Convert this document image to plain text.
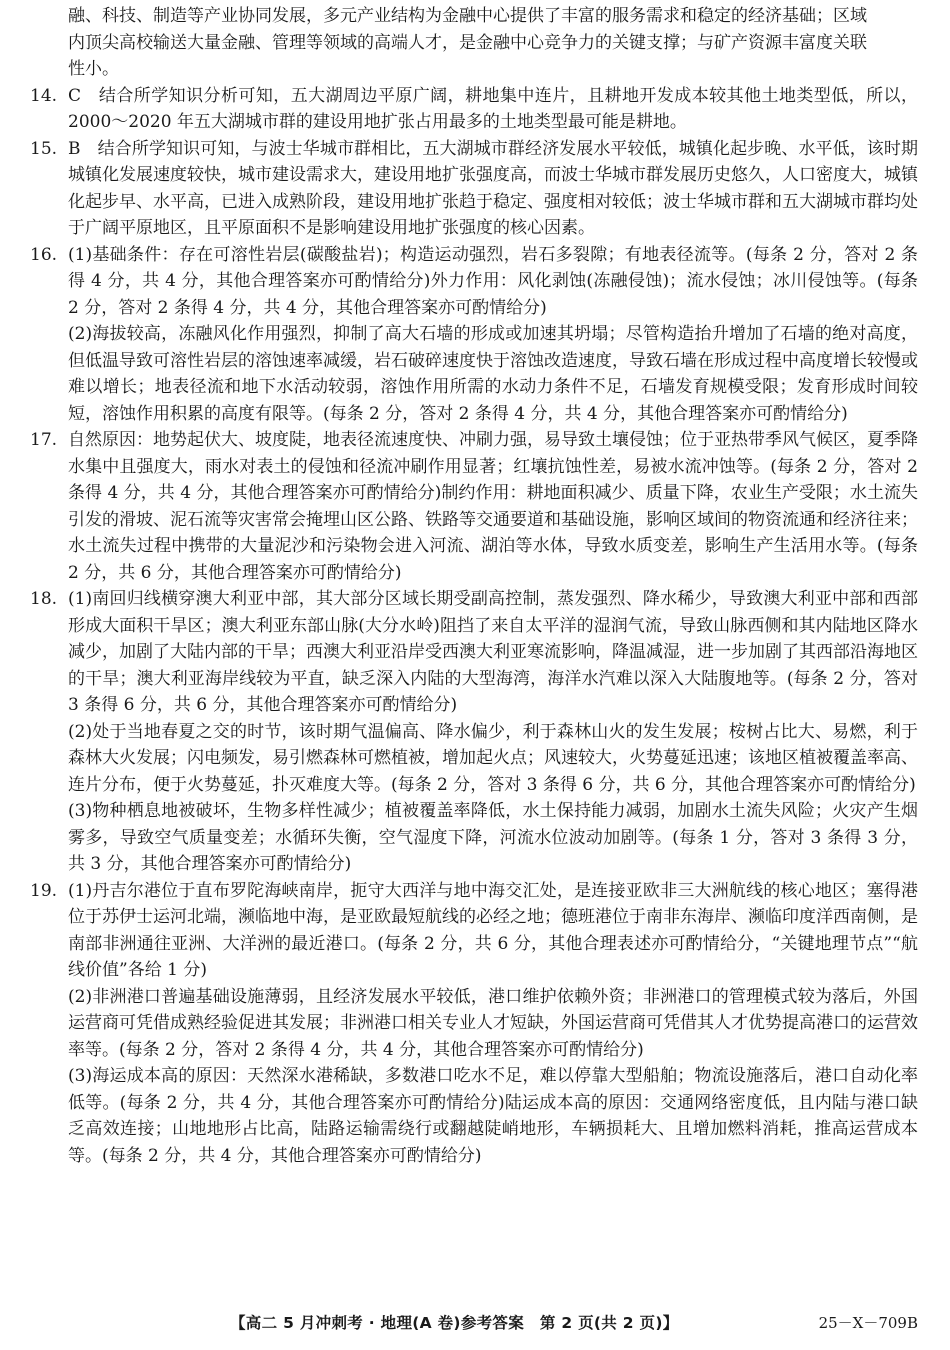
融、科技、制造等产业协同发展，多元产业结构为金融中心提供了丰富的服务需求和稳定的经济基础；区域

内顶尖高校输送大量金融、管理等领域的高端人才，是金融中心竞争力的关键支撑；与矿产资源丰富度关联

性小。

14. C　结合所学知识分析可知，五大湖周边平原广阔，耕地集中连片，且耕地开发成本较其他土地类型低，所以，2000～2020 年五大湖城市群的建设用地扩张占用最多的土地类型最可能是耕地。

15. B　结合所学知识可知，与波士华城市群相比，五大湖城市群经济发展水平较低，城镇化起步晚、水平低，该时期城镇化发展速度较快，城市建设需求大，建设用地扩张强度高，而波士华城市群发展历史悠久，人口密度大，城镇化起步早、水平高，已进入成熟阶段，建设用地扩张趋于稳定、强度相对较低；波士华城市群和五大湖城市群均处于广阔平原地区，且平原面积不是影响建设用地扩张强度的核心因素。

16. (1)基础条件：存在可溶性岩层(碳酸盐岩)；构造运动强烈，岩石多裂隙；有地表径流等。(每条 2 分，答对 2 条得 4 分，共 4 分，其他合理答案亦可酌情给分)外力作用：风化剥蚀(冻融侵蚀)；流水侵蚀；冰川侵蚀等。(每条 2 分，答对 2 条得 4 分，共 4 分，其他合理答案亦可酌情给分)

(2)海拔较高，冻融风化作用强烈，抑制了高大石墙的形成或加速其坍塌；尽管构造抬升增加了石墙的绝对高度，但低温导致可溶性岩层的溶蚀速率减缓，岩石破碎速度快于溶蚀改造速度，导致石墙在形成过程中高度增长较慢或难以增长；地表径流和地下水活动较弱，溶蚀作用所需的水动力条件不足，石墙发育规模受限；发育形成时间较短，溶蚀作用积累的高度有限等。(每条 2 分，答对 2 条得 4 分，共 4 分，其他合理答案亦可酌情给分)

17. 自然原因：地势起伏大、坡度陡，地表径流速度快、冲刷力强，易导致土壤侵蚀；位于亚热带季风气候区，夏季降水集中且强度大，雨水对表土的侵蚀和径流冲刷作用显著；红壤抗蚀性差，易被水流冲蚀等。(每条 2 分，答对 2 条得 4 分，共 4 分，其他合理答案亦可酌情给分)制约作用：耕地面积减少、质量下降，农业生产受限；水土流失引发的滑坡、泥石流等灾害常会掩埋山区公路、铁路等交通要道和基础设施，影响区域间的物资流通和经济往来；水土流失过程中携带的大量泥沙和污染物会进入河流、湖泊等水体，导致水质变差，影响生产生活用水等。(每条 2 分，共 6 分，其他合理答案亦可酌情给分)

18. (1)南回归线横穿澳大利亚中部，其大部分区域长期受副高控制，蒸发强烈、降水稀少，导致澳大利亚中部和西部形成大面积干旱区；澳大利亚东部山脉(大分水岭)阻挡了来自太平洋的湿润气流，导致山脉西侧和其内陆地区降水减少，加剧了大陆内部的干旱；西澳大利亚沿岸受西澳大利亚寒流影响，降温减湿，进一步加剧了其西部沿海地区的干旱；澳大利亚海岸线较为平直，缺乏深入内陆的大型海湾，海洋水汽难以深入大陆腹地等。(每条 2 分，答对 3 条得 6 分，共 6 分，其他合理答案亦可酌情给分)

(2)处于当地春夏之交的时节，该时期气温偏高、降水偏少，利于森林山火的发生发展；桉树占比大、易燃，利于森林大火发展；闪电频发，易引燃森林可燃植被，增加起火点；风速较大，火势蔓延迅速；该地区植被覆盖率高、连片分布，便于火势蔓延，扑灭难度大等。(每条 2 分，答对 3 条得 6 分，共 6 分，其他合理答案亦可酌情给分)

(3)物种栖息地被破坏，生物多样性减少；植被覆盖率降低，水土保持能力减弱，加剧水土流失风险；火灾产生烟雾多，导致空气质量变差；水循环失衡，空气湿度下降，河流水位波动加剧等。(每条 1 分，答对 3 条得 3 分，共 3 分，其他合理答案亦可酌情给分)

19. (1)丹吉尔港位于直布罗陀海峡南岸，扼守大西洋与地中海交汇处，是连接亚欧非三大洲航线的核心地区；塞得港位于苏伊士运河北端，濒临地中海，是亚欧最短航线的必经之地；德班港位于南非东海岸、濒临印度洋西南侧，是南部非洲通往亚洲、大洋洲的最近港口。(每条 2 分，共 6 分，其他合理表述亦可酌情给分，“关键地理节点”“航线价值”各给 1 分)

(2)非洲港口普遍基础设施薄弱，且经济发展水平较低，港口维护依赖外资；非洲港口的管理模式较为落后，外国运营商可凭借成熟经验促进其发展；非洲港口相关专业人才短缺，外国运营商可凭借其人才优势提高港口的运营效率等。(每条 2 分，答对 2 条得 4 分，共 4 分，其他合理答案亦可酌情给分)

(3)海运成本高的原因：天然深水港稀缺，多数港口吃水不足，难以停靠大型船舶；物流设施落后，港口自动化率低等。(每条 2 分，共 4 分，其他合理答案亦可酌情给分)陆运成本高的原因：交通网络密度低，且内陆与港口缺乏高效连接；山地地形占比高，陆路运输需绕行或翻越陡峭地形，车辆损耗大、且增加燃料消耗，推高运营成本等。(每条 2 分，共 4 分，其他合理答案亦可酌情给分)

【高二 5 月冲刺考 · 地理(A 卷)参考答案　第 2 页(共 2 页)】	25－X－709B
